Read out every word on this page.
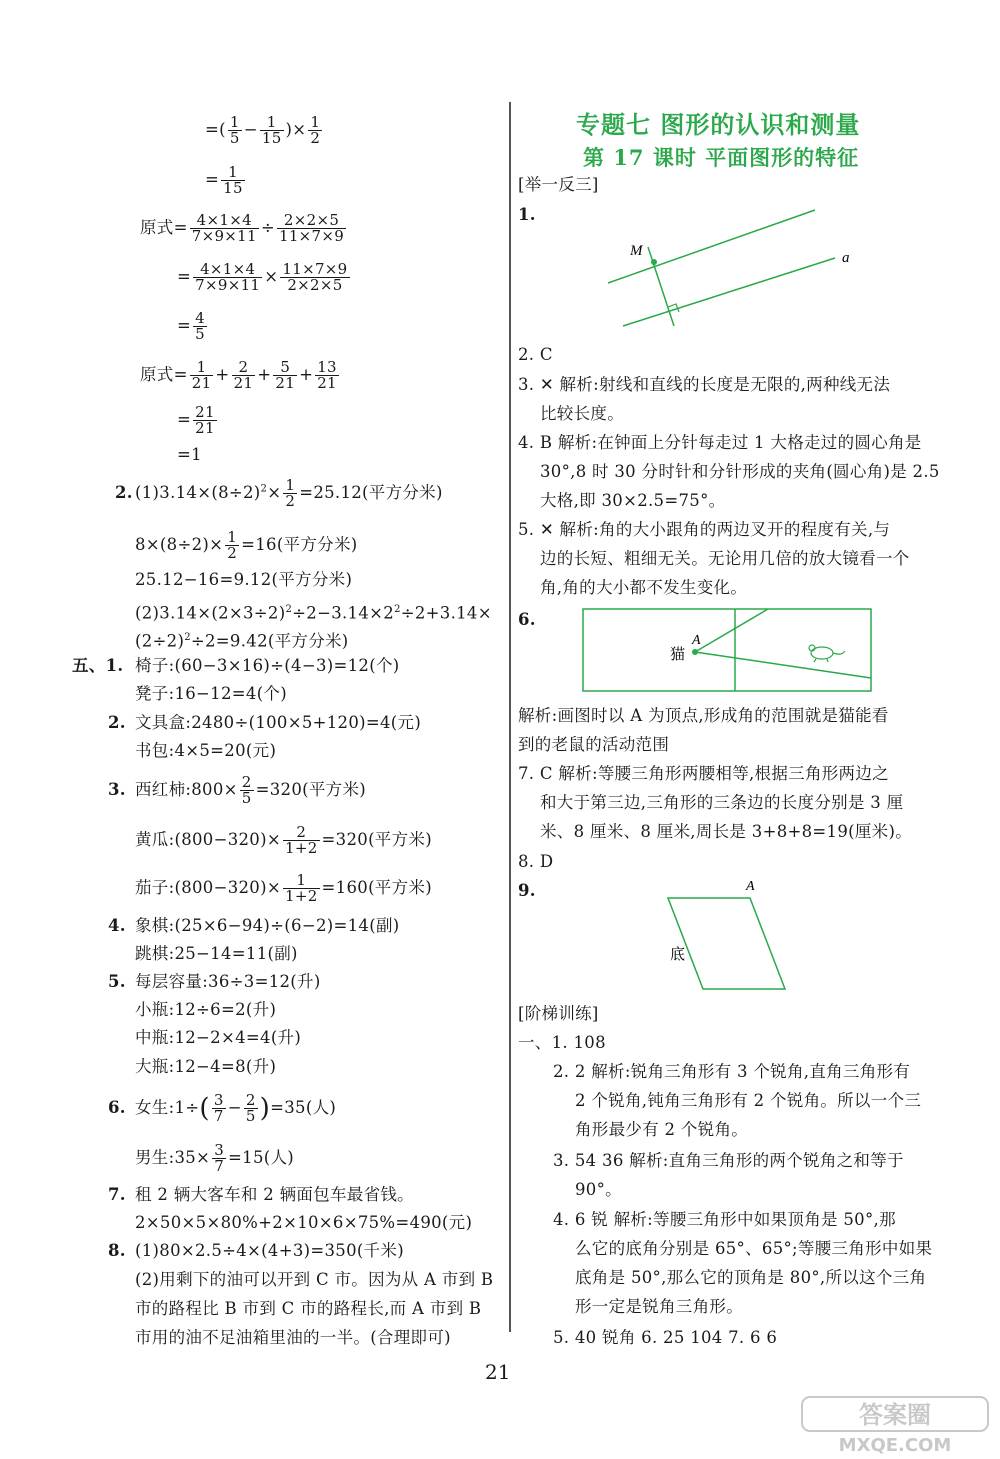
=( $\frac{1}{5} - \frac{1}{15}$ )× $\frac{1}{2}$
= $\frac{1}{15}$
原式= $\frac{4\times 1\times 4}{7\times 9\times 11} \div \frac{2\times 2\times 5}{11\times 7\times 9}$
= $\frac{4\times 1\times 4}{7\times 9\times 11} \times \frac{11\times 7\times 9}{2\times 2\times 5}$
= $\frac{4}{5}$
原式= $\frac{1}{21} + \frac{2}{21} + \frac{5}{21} + \frac{13}{21}$
= $\frac{21}{21}$
=1
2. $(1)3.14\times(8\div 2)^2\times \frac{1}{2} =25.12$(平方分米)
$8\times(8\div 2)\times \frac{1}{2} =16$(平方分米)
25.12−16=9.12(平方分米)
$(2)3.14\times(2\times 3\div 2)^2\div 2-3.14\times 2^2\div 2+3.14\times$
$(2\div 2)^2\div 2=9.42$(平方分米)
五、1. 椅子:(60−3×16)÷(4−3)=12(个)
凳子:16−12=4(个)
2. 文具盒:2480÷(100×5+120)=4(元)
书包:4×5=20(元)
3. 西红柿:800× $\frac{2}{5} =320$(平方米)
黄瓜:(800−320)× $\frac{2}{1+2} =320$(平方米)
茄子:(800−320)× $\frac{1}{1+2} =160$(平方米)
4. 象棋:(25×6−94)÷(6−2)=14(副)
跳棋:25−14=11(副)
5. 每层容量:36÷3=12(升)
小瓶:12÷6=2(升)
中瓶:12−2×4=4(升)
大瓶:12−4=8(升)
6. 女生:1÷( $\frac{3}{7} - \frac{2}{5} )=35$(人)
男生:35× $\frac{3}{7} =15$(人)
7. 租 2 辆大客车和 2 辆面包车最省钱。
2×50×5×80%+2×10×6×75%=490(元)
8. (1)80×2.5÷4×(4+3)=350(千米)
(2)用剩下的油可以开到 C 市。因为从 A 市到 B
市的路程比 B 市到 C 市的路程长,而 A 市到 B
市用的油不足油箱里油的一半。(合理即可)
专题七 图形的认识和测量
第 17 课时 平面图形的特征
[举一反三]
1.
M	a
2. C
3. ✕ 解析:射线和直线的长度是无限的,两种线无法
比较长度。
4. B 解析:在钟面上分针每走过 1 大格走过的圆心角是
30°,8 时 30 分时针和分针形成的夹角(圆心角)是 2.5
大格,即 30×2.5=75°。
5. ✕ 解析:角的大小跟角的两边叉开的程度有关,与
边的长短、粗细无关。无论用几倍的放大镜看一个
角,角的大小都不发生变化。
6.
A
猫
解析:画图时以 A 为顶点,形成角的范围就是猫能看
到的老鼠的活动范围
7. C 解析:等腰三角形两腰相等,根据三角形两边之
和大于第三边,三角形的三条边的长度分别是 3 厘
米、8 厘米、8 厘米,周长是 3+8+8=19(厘米)。
8. D
9.	A
底
[阶梯训练]
一、1. 108
2. 2 解析:锐角三角形有 3 个锐角,直角三角形有
2 个锐角,钝角三角形有 2 个锐角。所以一个三
角形最少有 2 个锐角。
3. 54 36 解析:直角三角形的两个锐角之和等于
90°。
4. 6 锐 解析:等腰三角形中如果顶角是 50°,那
么它的底角分别是 65°、65°;等腰三角形中如果
底角是 50°,那么它的顶角是 80°,所以这个三角
形一定是锐角三角形。
5. 40 锐角 6. 25 104 7. 6 6
21
答案圈
MXQE.COM
